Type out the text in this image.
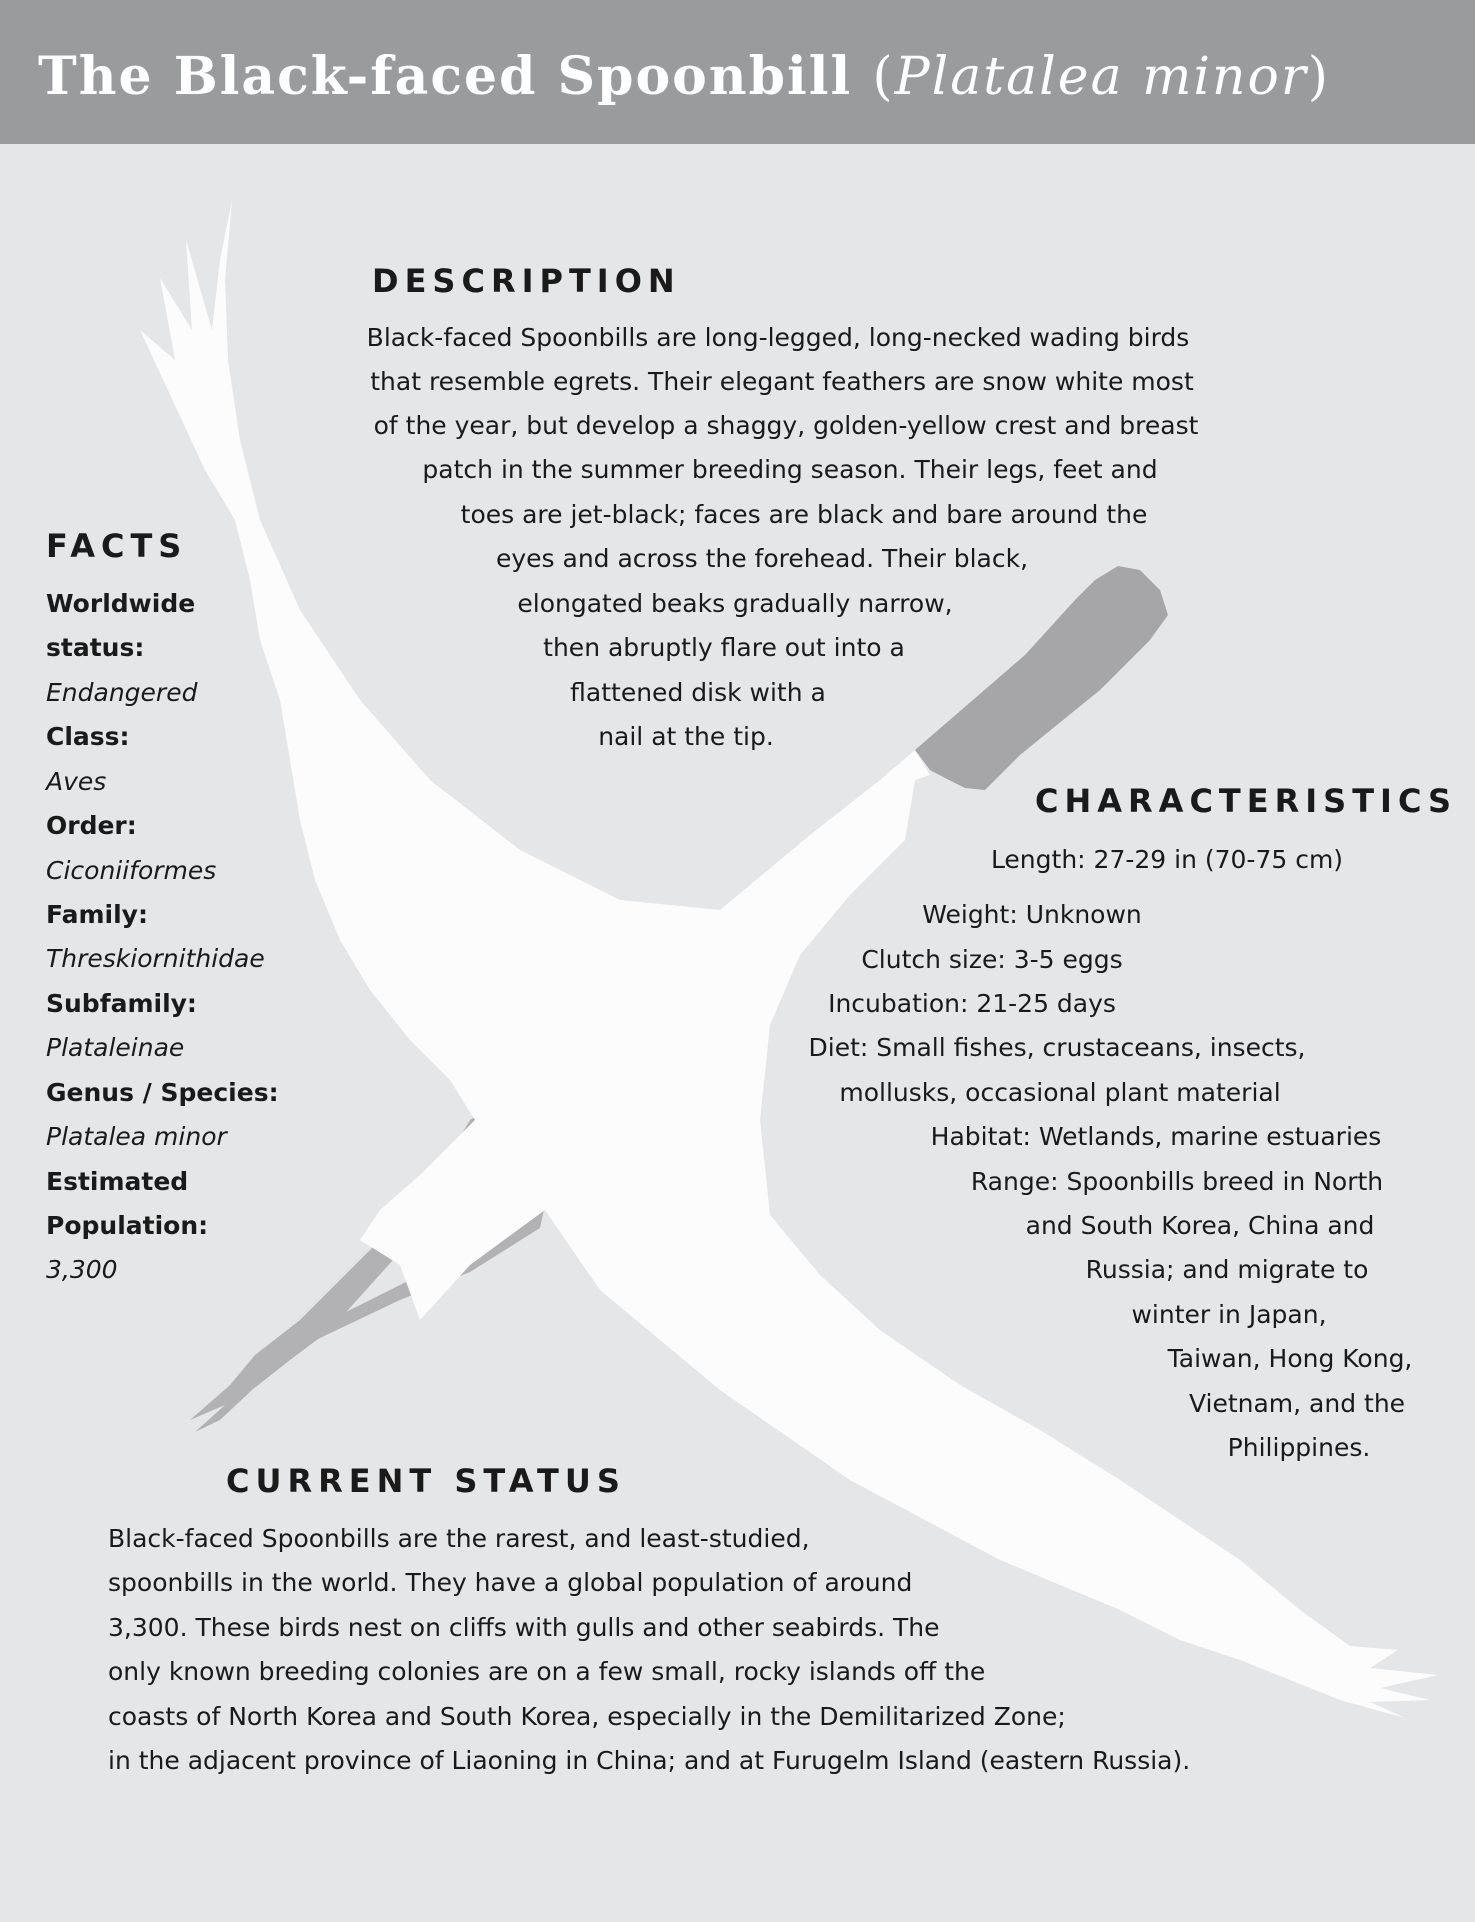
The Black-faced Spoonbill (Platalea minor)
DESCRIPTION
Black-faced Spoonbills are long-legged, long-necked wading birds
that resemble egrets. Their elegant feathers are snow white most
of the year, but develop a shaggy, golden-yellow crest and breast
patch in the summer breeding season. Their legs, feet and
toes are jet-black; faces are black and bare around the
eyes and across the forehead. Their black,
elongated beaks gradually narrow,
then abruptly flare out into a
flattened disk with a
nail at the tip.
FACTS
Worldwide
status:
Endangered
Class:
Aves
Order:
Ciconiiformes
Family:
Threskiornithidae
Subfamily:
Plataleinae
Genus / Species:
Platalea minor
Estimated
Population:
3,300
CHARACTERISTICS
Length: 27-29 in (70-75 cm)
Weight: Unknown
Clutch size: 3-5 eggs
Incubation: 21-25 days
Diet: Small fishes, crustaceans, insects,
mollusks, occasional plant material
Habitat: Wetlands, marine estuaries
Range: Spoonbills breed in North
and South Korea, China and
Russia; and migrate to
winter in Japan,
Taiwan, Hong Kong,
Vietnam, and the
Philippines.
CURRENT STATUS
Black-faced Spoonbills are the rarest, and least-studied,
spoonbills in the world. They have a global population of around
3,300. These birds nest on cliffs with gulls and other seabirds. The
only known breeding colonies are on a few small, rocky islands off the
coasts of North Korea and South Korea, especially in the Demilitarized Zone;
in the adjacent province of Liaoning in China; and at Furugelm Island (eastern Russia).
